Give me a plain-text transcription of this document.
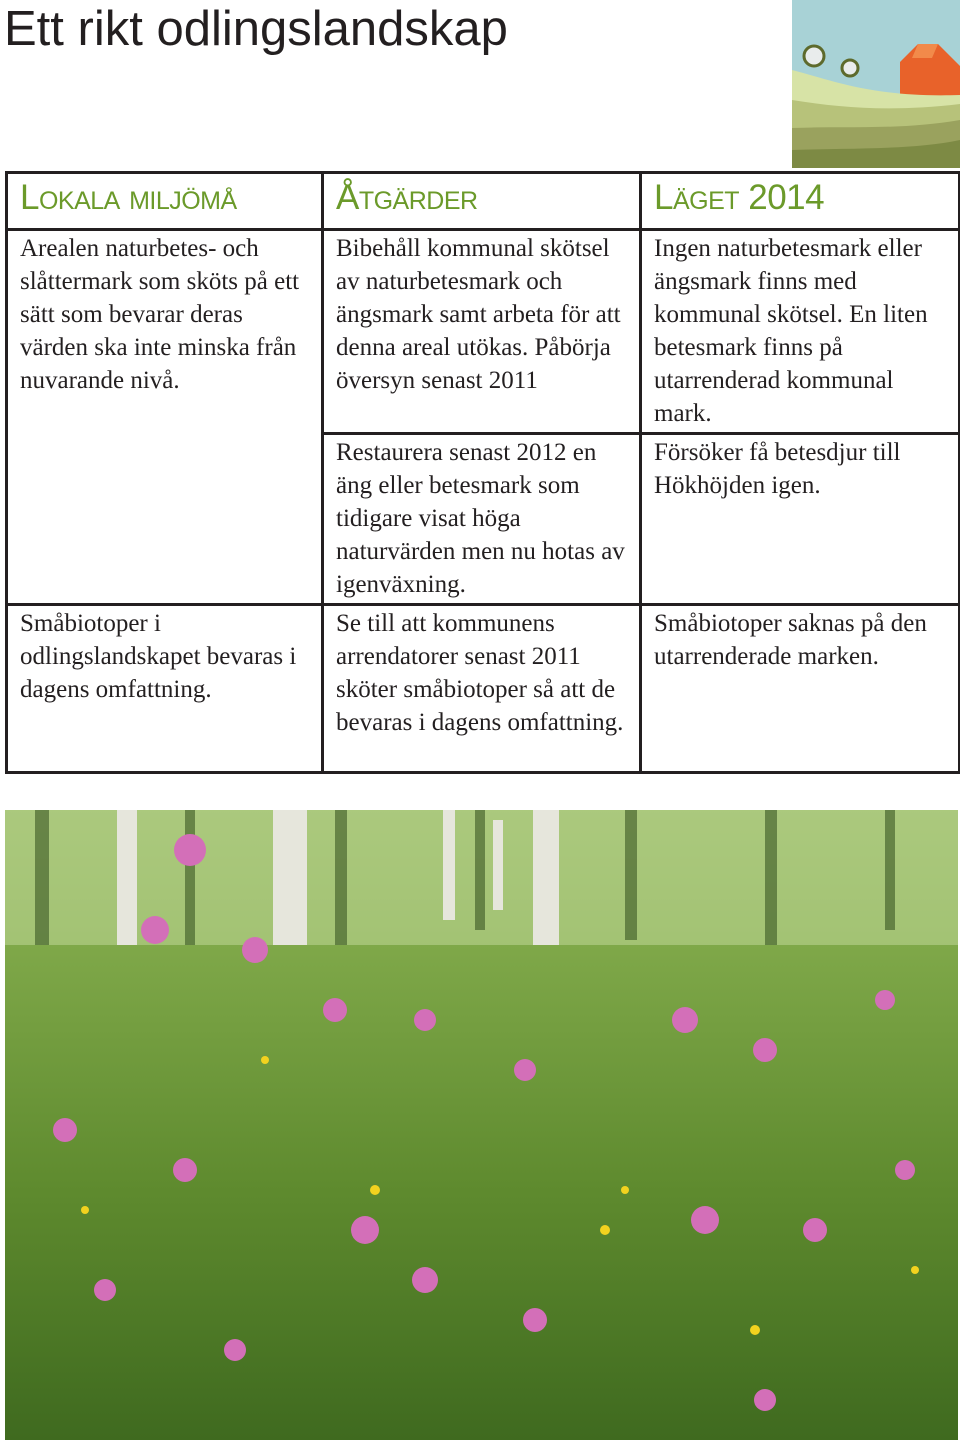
Ett rikt odlingslandskap
Lokala miljömå	Åtgärder	Läget 2014
Arealen naturbetes- och slåttermark som sköts på ett sätt som bevarar deras värden ska inte minska från nuvarande nivå.	Bibehåll kommunal skötsel av naturbetesmark och ängsmark samt arbeta för att denna areal utökas. Påbörja översyn senast 2011	Ingen naturbetesmark eller ängsmark finns med kommunal skötsel. En liten betesmark finns på utarrenderad kommunal mark.
	Restaurera senast 2012 en äng eller betesmark som tidigare visat höga naturvärden men nu hotas av igenväxning.	Försöker få betesdjur till Hökhöjden igen.
Småbiotoper i odlingslandskapet bevaras i dagens omfattning.	Se till att kommunens arrendatorer senast 2011 sköter småbiotoper så att de bevaras i dagens omfattning.	Småbiotoper saknas på den utarrenderade marken.
